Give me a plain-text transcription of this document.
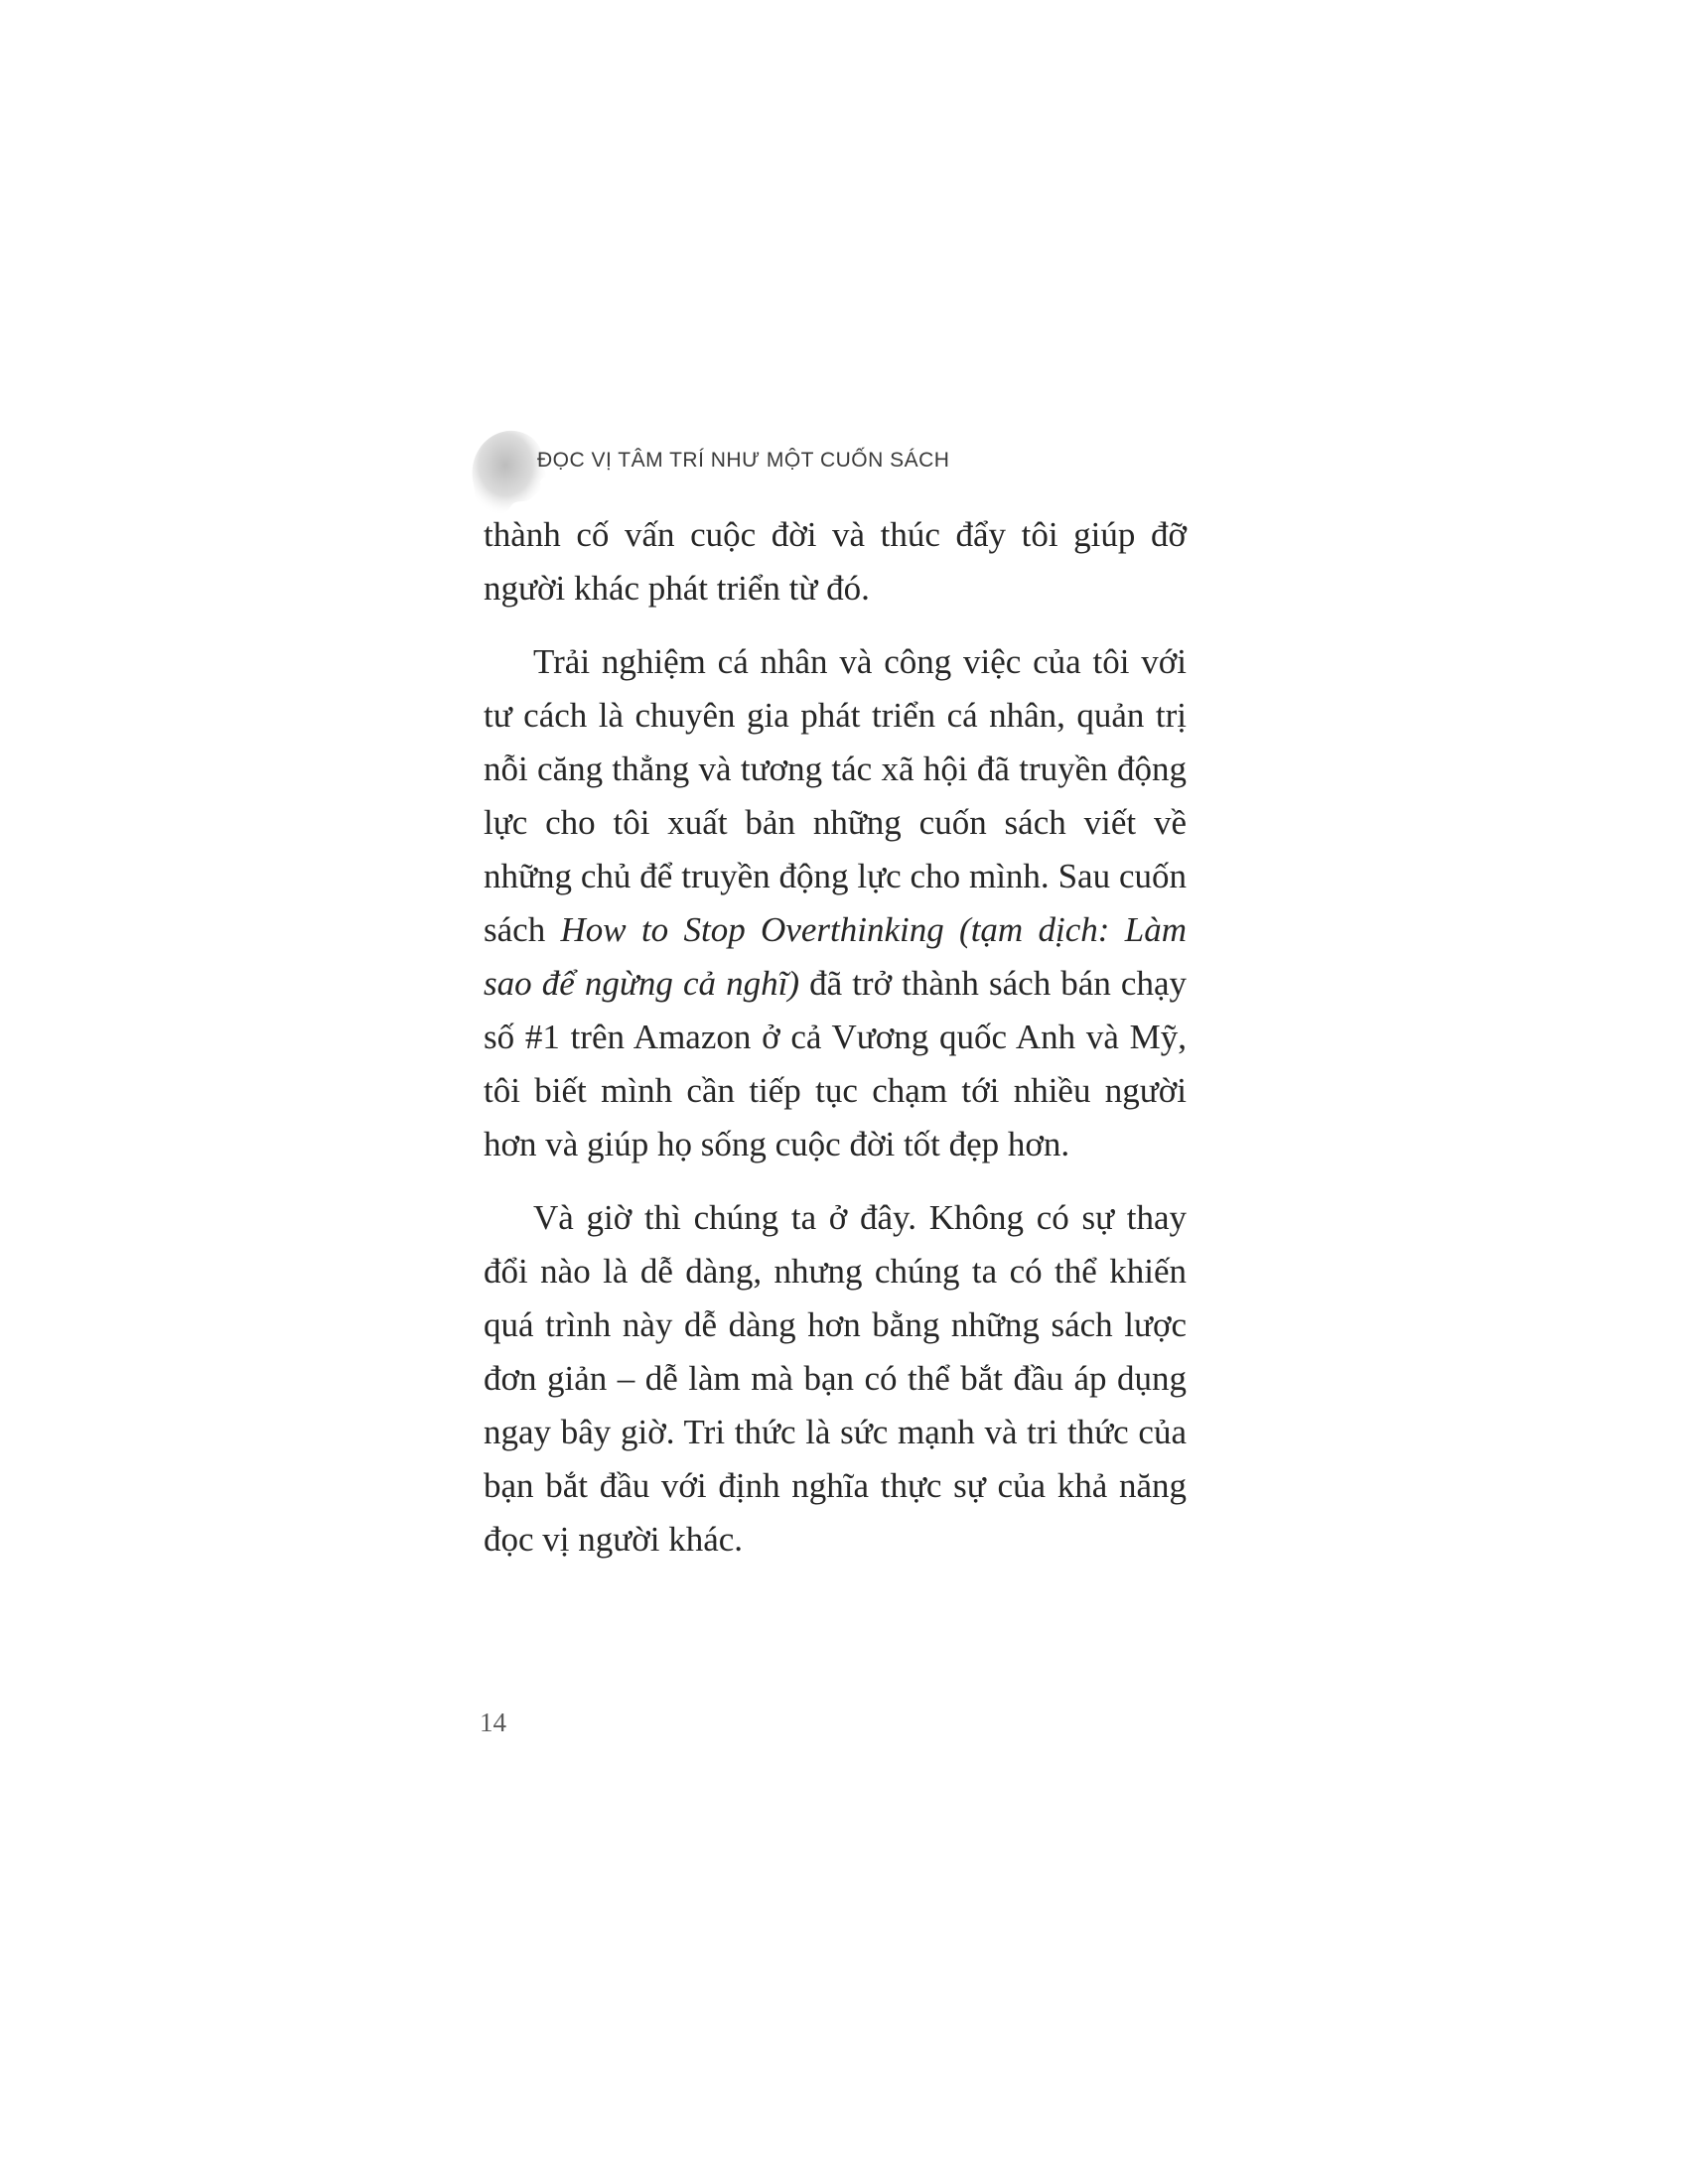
ĐỌC VỊ TÂM TRÍ NHƯ MỘT CUỐN SÁCH

thành cố vấn cuộc đời và thúc đẩy tôi giúp đỡ người khác phát triển từ đó.

Trải nghiệm cá nhân và công việc của tôi với tư cách là chuyên gia phát triển cá nhân, quản trị nỗi căng thẳng và tương tác xã hội đã truyền động lực cho tôi xuất bản những cuốn sách viết về những chủ để truyền động lực cho mình. Sau cuốn sách How to Stop Overthinking (tạm dịch: Làm sao để ngừng cả nghĩ) đã trở thành sách bán chạy số #1 trên Amazon ở cả Vương quốc Anh và Mỹ, tôi biết mình cần tiếp tục chạm tới nhiều người hơn và giúp họ sống cuộc đời tốt đẹp hơn.

Và giờ thì chúng ta ở đây. Không có sự thay đổi nào là dễ dàng, nhưng chúng ta có thể khiến quá trình này dễ dàng hơn bằng những sách lược đơn giản – dễ làm mà bạn có thể bắt đầu áp dụng ngay bây giờ. Tri thức là sức mạnh và tri thức của bạn bắt đầu với định nghĩa thực sự của khả năng đọc vị người khác.

14
